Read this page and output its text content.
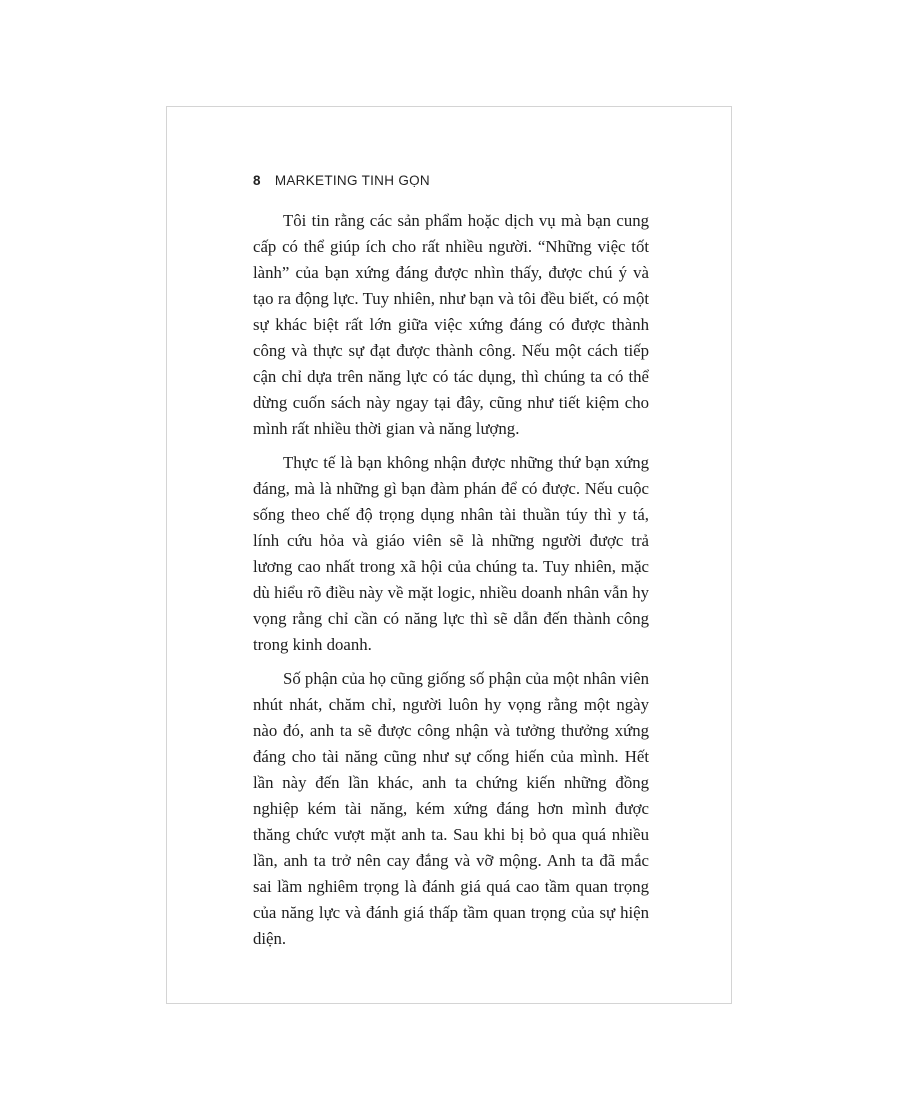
8 MARKETING TINH GỌN

Tôi tin rằng các sản phẩm hoặc dịch vụ mà bạn cung cấp có thể giúp ích cho rất nhiều người. “Những việc tốt lành” của bạn xứng đáng được nhìn thấy, được chú ý và tạo ra động lực. Tuy nhiên, như bạn và tôi đều biết, có một sự khác biệt rất lớn giữa việc xứng đáng có được thành công và thực sự đạt được thành công. Nếu một cách tiếp cận chỉ dựa trên năng lực có tác dụng, thì chúng ta có thể dừng cuốn sách này ngay tại đây, cũng như tiết kiệm cho mình rất nhiều thời gian và năng lượng.

Thực tế là bạn không nhận được những thứ bạn xứng đáng, mà là những gì bạn đàm phán để có được. Nếu cuộc sống theo chế độ trọng dụng nhân tài thuần túy thì y tá, lính cứu hỏa và giáo viên sẽ là những người được trả lương cao nhất trong xã hội của chúng ta. Tuy nhiên, mặc dù hiểu rõ điều này về mặt logic, nhiều doanh nhân vẫn hy vọng rằng chỉ cần có năng lực thì sẽ dẫn đến thành công trong kinh doanh.

Số phận của họ cũng giống số phận của một nhân viên nhút nhát, chăm chỉ, người luôn hy vọng rằng một ngày nào đó, anh ta sẽ được công nhận và tưởng thưởng xứng đáng cho tài năng cũng như sự cống hiến của mình. Hết lần này đến lần khác, anh ta chứng kiến những đồng nghiệp kém tài năng, kém xứng đáng hơn mình được thăng chức vượt mặt anh ta. Sau khi bị bỏ qua quá nhiều lần, anh ta trở nên cay đắng và vỡ mộng. Anh ta đã mắc sai lầm nghiêm trọng là đánh giá quá cao tầm quan trọng của năng lực và đánh giá thấp tầm quan trọng của sự hiện diện.
